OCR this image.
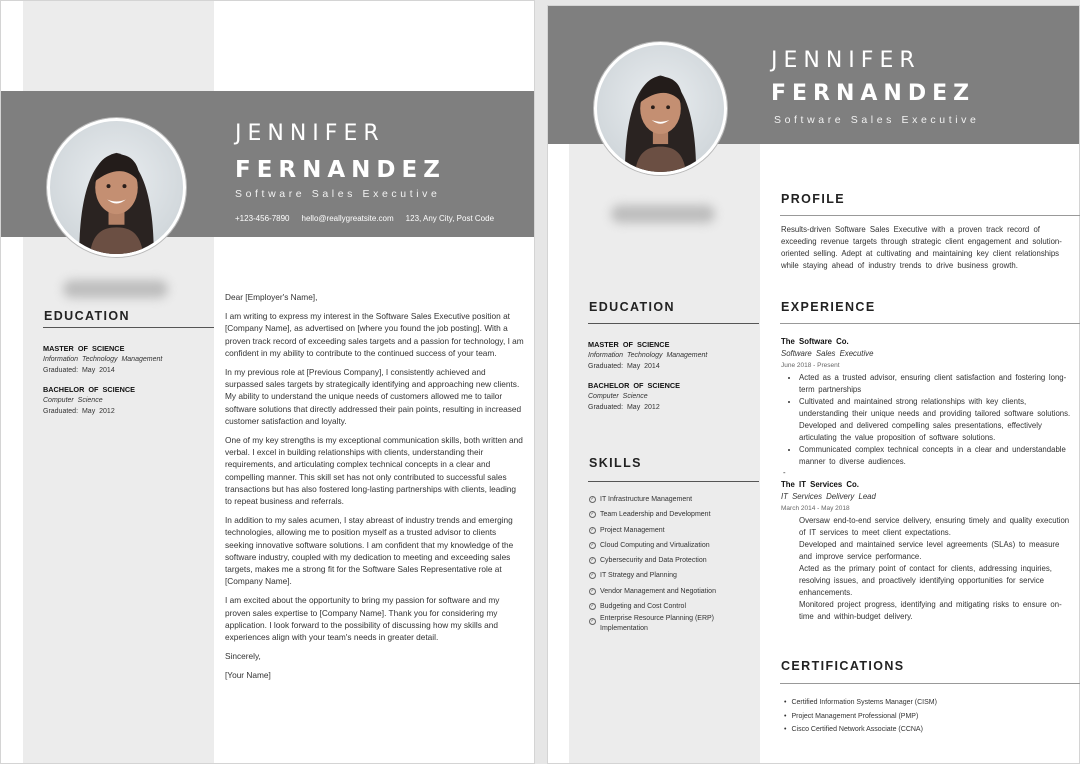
JENNIFER
FERNANDEZ
Software Sales Executive
+123-456-7890 hello@reallygreatsite.com 123, Any City, Post Code
EDUCATION
MASTER OF SCIENCE
Information Technology Management
Graduated: May 2014
BACHELOR OF SCIENCE
Computer Science
Graduated: May 2012

Dear [Employer's Name],

I am writing to express my interest in the Software Sales Executive position at [Company Name], as advertised on [where you found the job posting]. With a proven track record of exceeding sales targets and a passion for technology, I am confident in my ability to contribute to the continued success of your team.

In my previous role at [Previous Company], I consistently achieved and surpassed sales targets by strategically identifying and approaching new clients. My ability to understand the unique needs of customers allowed me to tailor software solutions that directly addressed their pain points, resulting in increased customer satisfaction and loyalty.

One of my key strengths is my exceptional communication skills, both written and verbal. I excel in building relationships with clients, understanding their requirements, and articulating complex technical concepts in a clear and compelling manner. This skill set has not only contributed to successful sales transactions but has also fostered long-lasting partnerships with clients, leading to repeat business and referrals.

In addition to my sales acumen, I stay abreast of industry trends and emerging technologies, allowing me to position myself as a trusted advisor to clients seeking innovative software solutions. I am confident that my knowledge of the software industry, coupled with my dedication to meeting and exceeding sales targets, makes me a strong fit for the Software Sales Representative role at [Company Name].

I am excited about the opportunity to bring my passion for software and my proven sales expertise to [Company Name]. Thank you for considering my application. I look forward to the possibility of discussing how my skills and experiences align with your team's needs in greater detail.

Sincerely,

[Your Name]

JENNIFER
FERNANDEZ
Software Sales Executive
EDUCATION
MASTER OF SCIENCE
Information Technology Management
Graduated: May 2014
BACHELOR OF SCIENCE
Computer Science
Graduated: May 2012
SKILLS
✓ IT Infrastructure Management
✓ Team Leadership and Development
✓ Project Management
✓ Cloud Computing and Virtualization
✓ Cybersecurity and Data Protection
✓ IT Strategy and Planning
✓ Vendor Management and Negotiation
✓ Budgeting and Cost Control
✓ Enterprise Resource Planning (ERP) Implementation
PROFILE
Results-driven Software Sales Executive with a proven track record of exceeding revenue targets through strategic client engagement and solution-oriented selling. Adept at cultivating and maintaining key client relationships while staying ahead of industry trends to drive business growth.
EXPERIENCE
The Software Co.
Software Sales Executive
June 2018 - Present
• Acted as a trusted advisor, ensuring client satisfaction and fostering long-term partnerships
• Cultivated and maintained strong relationships with key clients, understanding their unique needs and providing tailored software solutions.
Developed and delivered compelling sales presentations, effectively articulating the value proposition of software solutions.
• Communicated complex technical concepts in a clear and understandable manner to diverse audiences.
-
The IT Services Co.
IT Services Delivery Lead
March 2014 - May 2018
Oversaw end-to-end service delivery, ensuring timely and quality execution of IT services to meet client expectations.
Developed and maintained service level agreements (SLAs) to measure and improve service performance.
Acted as the primary point of contact for clients, addressing inquiries, resolving issues, and proactively identifying opportunities for service enhancements.
Monitored project progress, identifying and mitigating risks to ensure on-time and within-budget delivery.
CERTIFICATIONS
• Certified Information Systems Manager (CISM)
• Project Management Professional (PMP)
• Cisco Certified Network Associate (CCNA)
